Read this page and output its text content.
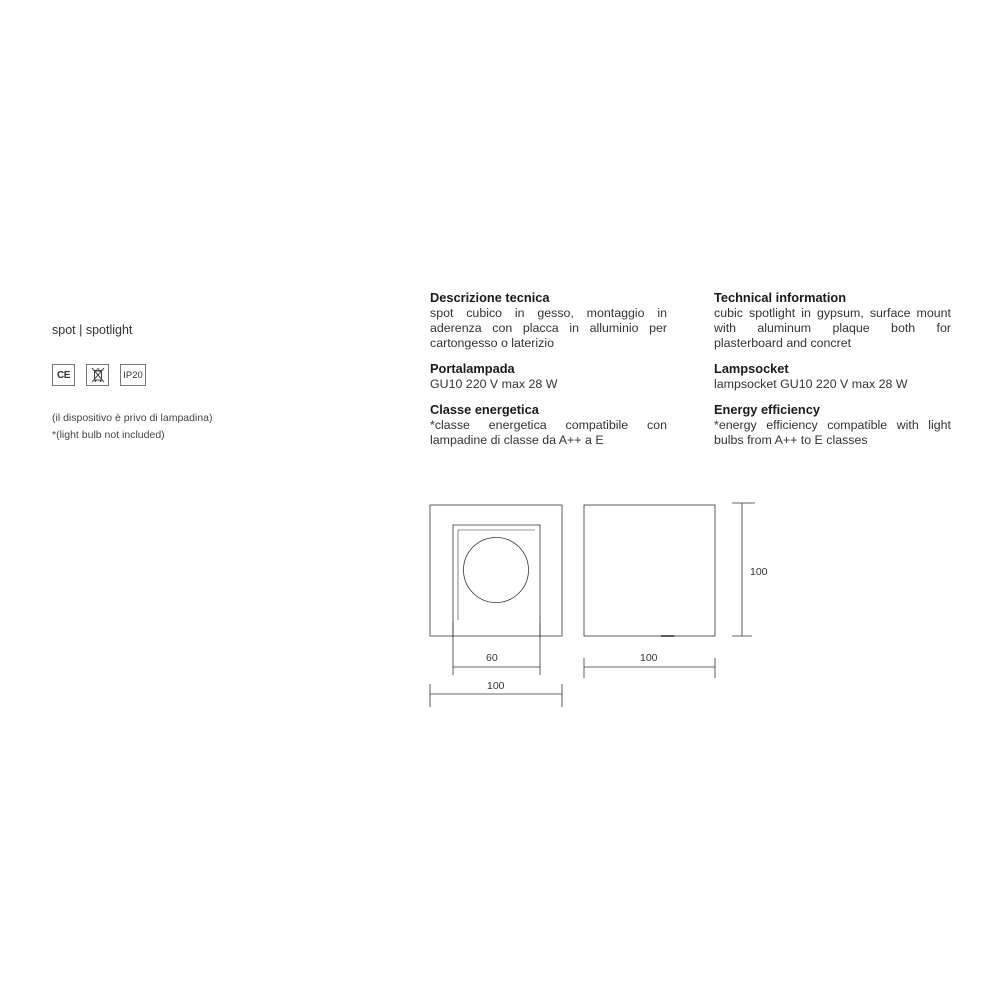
spot | spotlight
CE	IP20
(il dispositivo è privo di lampadina)
*(light bulb not included)
Descrizione tecnica

spot cubico in gesso, montaggio in aderenza con placca in alluminio per cartongesso o laterizio

Portalampada

GU10 220 V max 28 W

Classe energetica

*classe energetica compatibile con lampadine di classe da A++ a E

Technical information

cubic spotlight in gypsum, surface mount with aluminum plaque both for plasterboard and concret

Lampsocket

lampsocket GU10 220 V max 28 W

Energy efficiency

*energy efficiency compatible with light bulbs from A++ to E classes

60
100
100
100
